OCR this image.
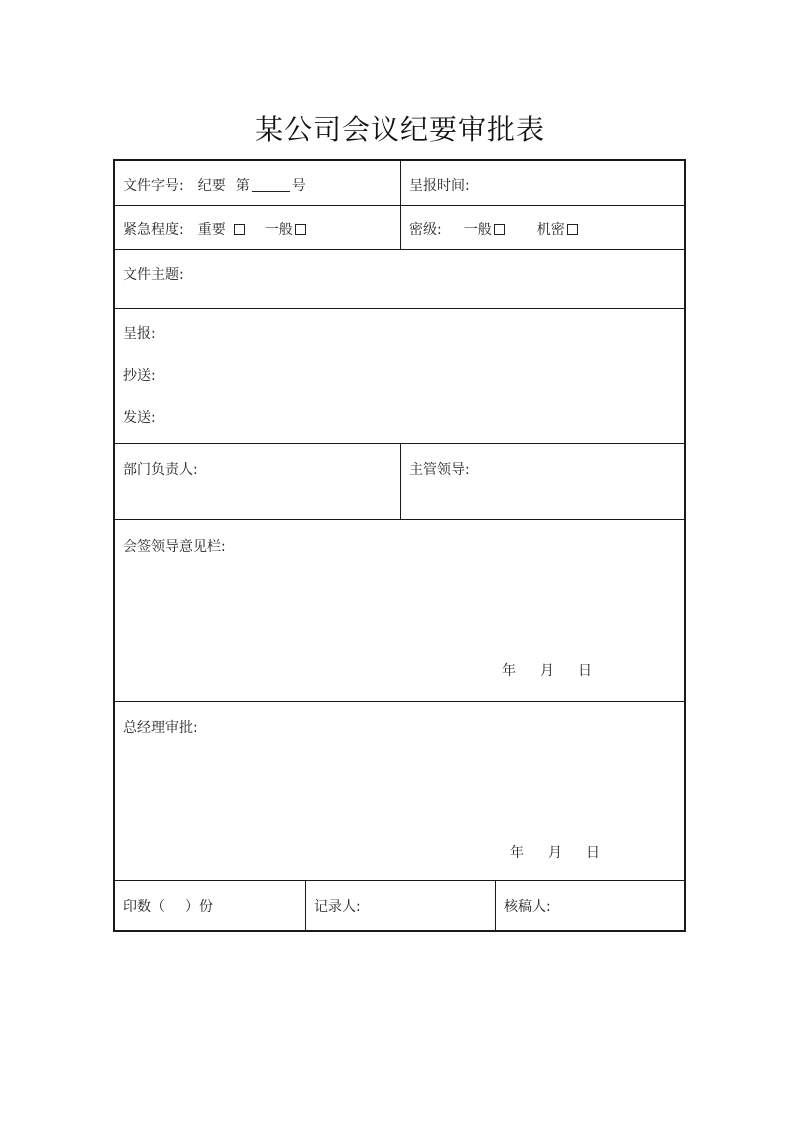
某公司会议纪要审批表
文件字号: 纪要 第	号	呈报时间:
紧急程度: 重要	一般	密级: 一般	机密
文件主题:
呈报:
抄送:
发送:
部门负责人:	主管领导:
会签领导意见栏:
年 月 日
总经理审批:
年 月 日
印数（ ）份	记录人:	核稿人:
